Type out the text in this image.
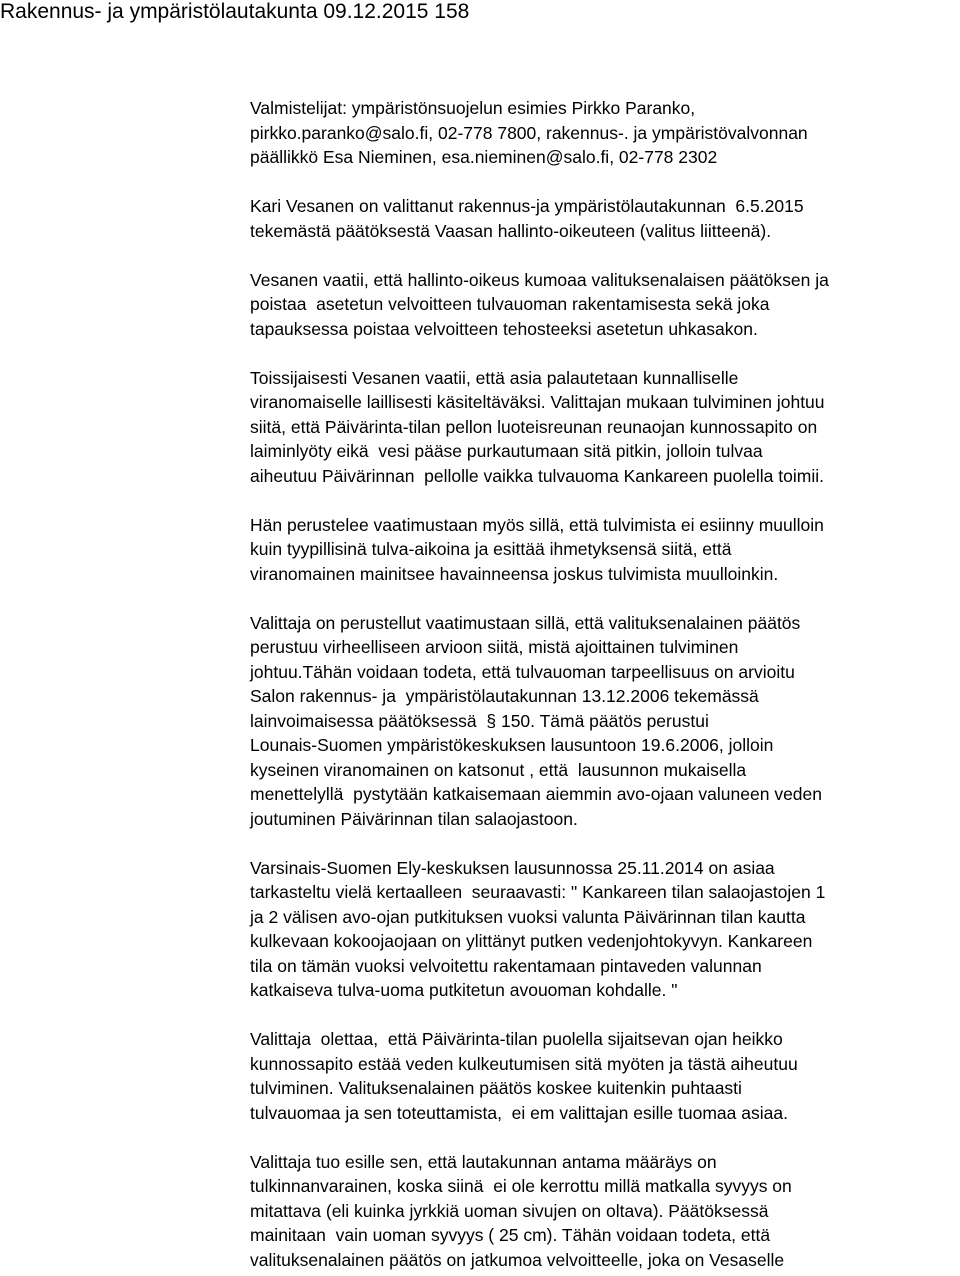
Rakennus- ja ympäristölautakunta 09.12.2015 158
Valmistelijat: ympäristönsuojelun esimies Pirkko Paranko,
pirkko.paranko@salo.fi, 02-778 7800, rakennus-. ja ympäristövalvonnan
päällikkö Esa Nieminen, esa.nieminen@salo.fi, 02-778 2302
Kari Vesanen on valittanut rakennus-ja ympäristölautakunnan  6.5.2015
tekemästä päätöksestä Vaasan hallinto-oikeuteen (valitus liitteenä).
Vesanen vaatii, että hallinto-oikeus kumoaa valituksenalaisen päätöksen ja
poistaa  asetetun velvoitteen tulvauoman rakentamisesta sekä joka
tapauksessa poistaa velvoitteen tehosteeksi asetetun uhkasakon.
Toissijaisesti Vesanen vaatii, että asia palautetaan kunnalliselle
viranomaiselle laillisesti käsiteltäväksi. Valittajan mukaan tulviminen johtuu
siitä, että Päivärinta-tilan pellon luoteisreunan reunaojan kunnossapito on
laiminlyöty eikä  vesi pääse purkautumaan sitä pitkin, jolloin tulvaa
aiheutuu Päivärinnan  pellolle vaikka tulvauoma Kankareen puolella toimii.
Hän perustelee vaatimustaan myös sillä, että tulvimista ei esiinny muulloin
kuin tyypillisinä tulva-aikoina ja esittää ihmetyksensä siitä, että
viranomainen mainitsee havainneensa joskus tulvimista muulloinkin.
Valittaja on perustellut vaatimustaan sillä, että valituksenalainen päätös
perustuu virheelliseen arvioon siitä, mistä ajoittainen tulviminen
johtuu.Tähän voidaan todeta, että tulvauoman tarpeellisuus on arvioitu
Salon rakennus- ja  ympäristölautakunnan 13.12.2006 tekemässä
lainvoimaisessa päätöksessä  § 150. Tämä päätös perustui
Lounais-Suomen ympäristökeskuksen lausuntoon 19.6.2006, jolloin
kyseinen viranomainen on katsonut , että  lausunnon mukaisella
menettelyllä  pystytään katkaisemaan aiemmin avo-ojaan valuneen veden
joutuminen Päivärinnan tilan salaojastoon.
Varsinais-Suomen Ely-keskuksen lausunnossa 25.11.2014 on asiaa
tarkasteltu vielä kertaalleen  seuraavasti: " Kankareen tilan salaojastojen 1
ja 2 välisen avo-ojan putkituksen vuoksi valunta Päivärinnan tilan kautta
kulkevaan kokoojaojaan on ylittänyt putken vedenjohtokyvyn. Kankareen
tila on tämän vuoksi velvoitettu rakentamaan pintaveden valunnan
katkaiseva tulva-uoma putkitetun avouoman kohdalle. "
Valittaja  olettaa,  että Päivärinta-tilan puolella sijaitsevan ojan heikko
kunnossapito estää veden kulkeutumisen sitä myöten ja tästä aiheutuu
tulviminen. Valituksenalainen päätös koskee kuitenkin puhtaasti
tulvauomaa ja sen toteuttamista,  ei em valittajan esille tuomaa asiaa.
Valittaja tuo esille sen, että lautakunnan antama määräys on
tulkinnanvarainen, koska siinä  ei ole kerrottu millä matkalla syvyys on
mitattava (eli kuinka jyrkkiä uoman sivujen on oltava). Päätöksessä
mainitaan  vain uoman syvyys ( 25 cm). Tähän voidaan todeta, että
valituksenalainen päätös on jatkumoa velvoitteelle, joka on Vesaselle
